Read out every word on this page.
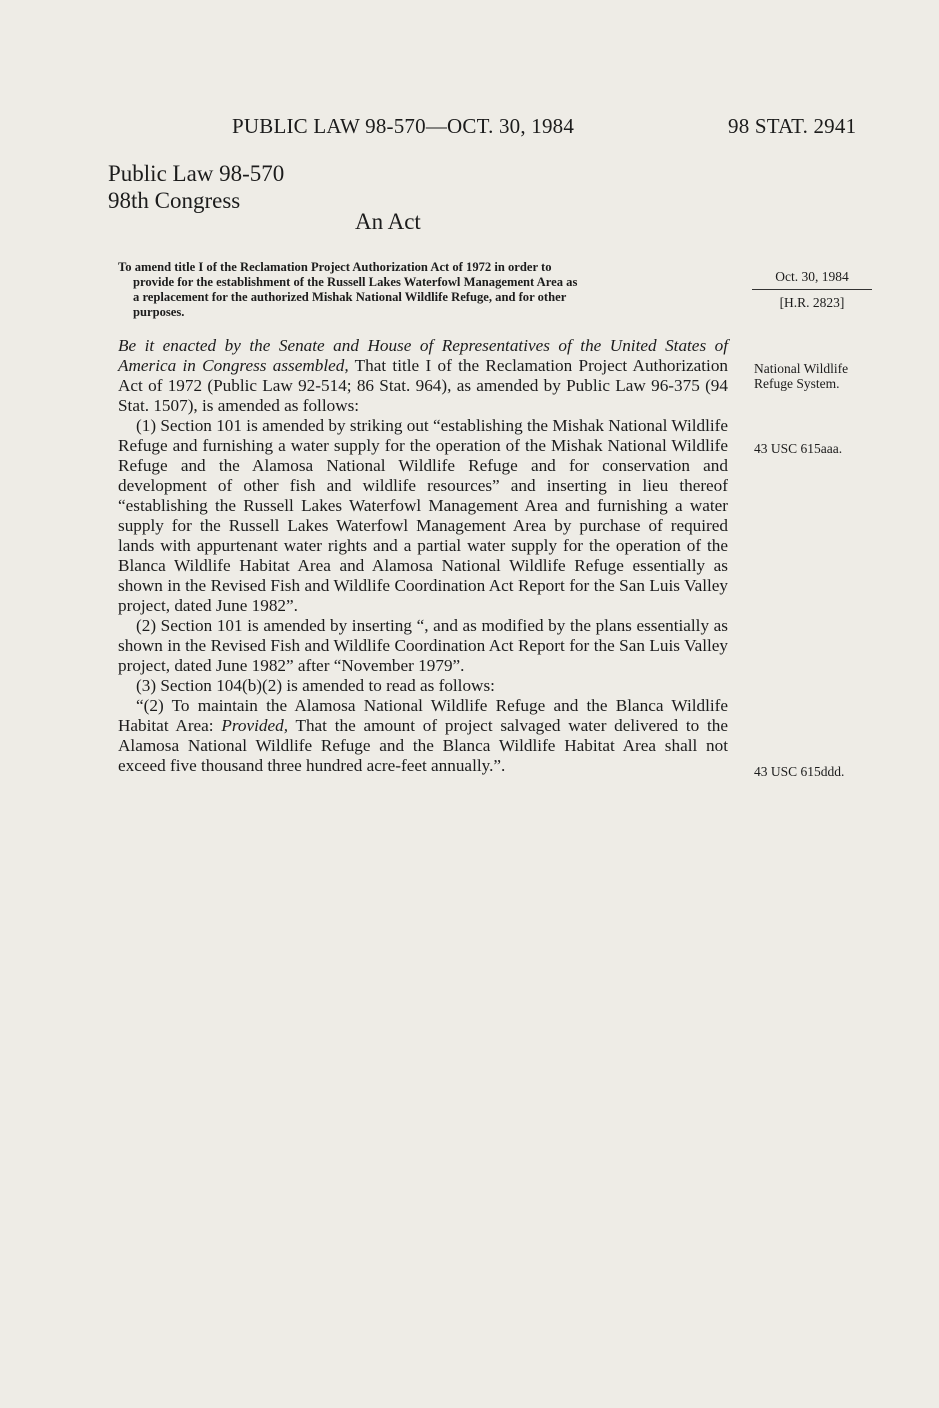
PUBLIC LAW 98-570—OCT. 30, 1984	98 STAT. 2941
Public Law 98-570
98th Congress
An Act
To amend title I of the Reclamation Project Authorization Act of 1972 in order to
provide for the establishment of the Russell Lakes Waterfowl Management Area as
a replacement for the authorized Mishak National Wildlife Refuge, and for other
purposes.
Oct. 30, 1984
[H.R. 2823]
National Wildlife Refuge System.
43 USC 615aaa.
43 USC 615ddd.

Be it enacted by the Senate and House of Representatives of the United States of America in Congress assembled, That title I of the Reclamation Project Authorization Act of 1972 (Public Law 92-514; 86 Stat. 964), as amended by Public Law 96-375 (94 Stat. 1507), is amended as follows:

(1) Section 101 is amended by striking out “establishing the Mishak National Wildlife Refuge and furnishing a water supply for the operation of the Mishak National Wildlife Refuge and the Alamosa National Wildlife Refuge and for conservation and development of other fish and wildlife resources” and inserting in lieu thereof “establishing the Russell Lakes Waterfowl Management Area and furnishing a water supply for the Russell Lakes Waterfowl Management Area by purchase of required lands with appurtenant water rights and a partial water supply for the operation of the Blanca Wildlife Habitat Area and Alamosa National Wildlife Refuge essentially as shown in the Revised Fish and Wildlife Coordination Act Report for the San Luis Valley project, dated June 1982”.

(2) Section 101 is amended by inserting “, and as modified by the plans essentially as shown in the Revised Fish and Wildlife Coordination Act Report for the San Luis Valley project, dated June 1982” after “November 1979”.

(3) Section 104(b)(2) is amended to read as follows:

“(2) To maintain the Alamosa National Wildlife Refuge and the Blanca Wildlife Habitat Area: Provided, That the amount of project salvaged water delivered to the Alamosa National Wildlife Refuge and the Blanca Wildlife Habitat Area shall not exceed five thousand three hundred acre-feet annually.”.
